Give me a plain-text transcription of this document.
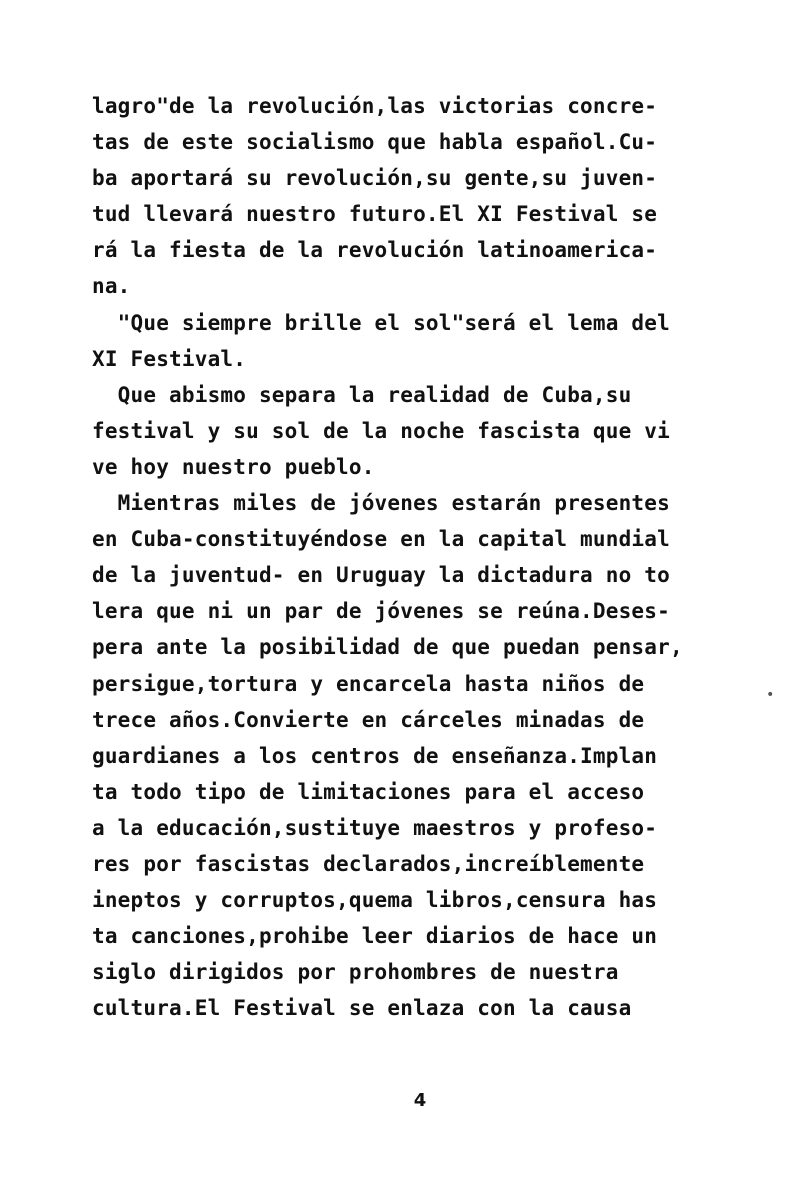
lagro"de la revolución,las victorias concre-
tas de este socialismo que habla español.Cu-
ba aportará su revolución,su gente,su juven-
tud llevará nuestro futuro.El XI Festival se
rá la fiesta de la revolución latinoamerica-
na.
"Que siempre brille el sol"será el lema del
XI Festival.
Que abismo separa la realidad de Cuba,su
festival y su sol de la noche fascista que vi
ve hoy nuestro pueblo.
Mientras miles de jóvenes estarán presentes
en Cuba-constituyéndose en la capital mundial
de la juventud- en Uruguay la dictadura no to
lera que ni un par de jóvenes se reúna.Deses-
pera ante la posibilidad de que puedan pensar,
persigue,tortura y encarcela hasta niños de
trece años.Convierte en cárceles minadas de
guardianes a los centros de enseñanza.Implan
ta todo tipo de limitaciones para el acceso
a la educación,sustituye maestros y profeso-
res por fascistas declarados,increíblemente
ineptos y corruptos,quema libros,censura has
ta canciones,prohibe leer diarios de hace un
siglo dirigidos por prohombres de nuestra
cultura.El Festival se enlaza con la causa
•
4
